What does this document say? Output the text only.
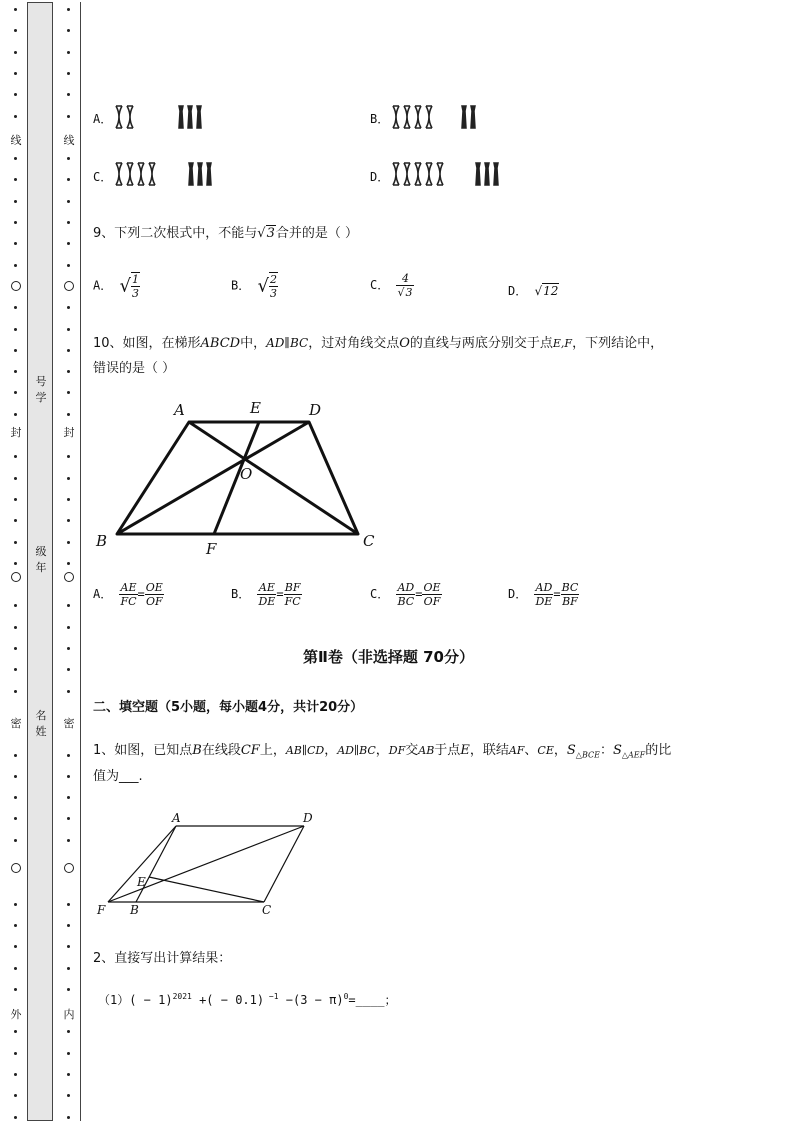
线
封
密
外
线
封
密
内
号学
级年
名姓
A．	B．
C．	D．
9、下列二次根式中，不能与√3合并的是（ ）
A． √ $\frac{1}{3}$	B． √ $\frac{2}{3}$	C． $\frac{4}{√3}$	D． √12
10、如图，在梯形ABCD中，AD∥BC，过对角线交点O的直线与两底分别交于点E,F，下列结论中，
错误的是（ ）
A	E	D
O
B	F	C
A． $\frac{AE}{FC} = \frac{OE}{OF}$	B． $\frac{AE}{DE} = \frac{BF}{FC}$	C． $\frac{AD}{BC} = \frac{OE}{OF}$	D． $\frac{AD}{DE} = \frac{BC}{BF}$
第Ⅱ卷（非选择题 70分）
二、填空题（5小题，每小题4分，共计20分）
1、如图，已知点B在线段CF上，AB∥CD，AD∥BC，DF交AB于点E，联结AF、CE，$S_{\triangle BCE}$：$S_{\triangle AEF}$的比
值为___.
A	D
E
F B	C
2、直接写出计算结果：
$(1)( - 1)^{2021}$ +( − 0.1) $^{-1} -(3 - \pi)^0=\_\_\_\_$；
